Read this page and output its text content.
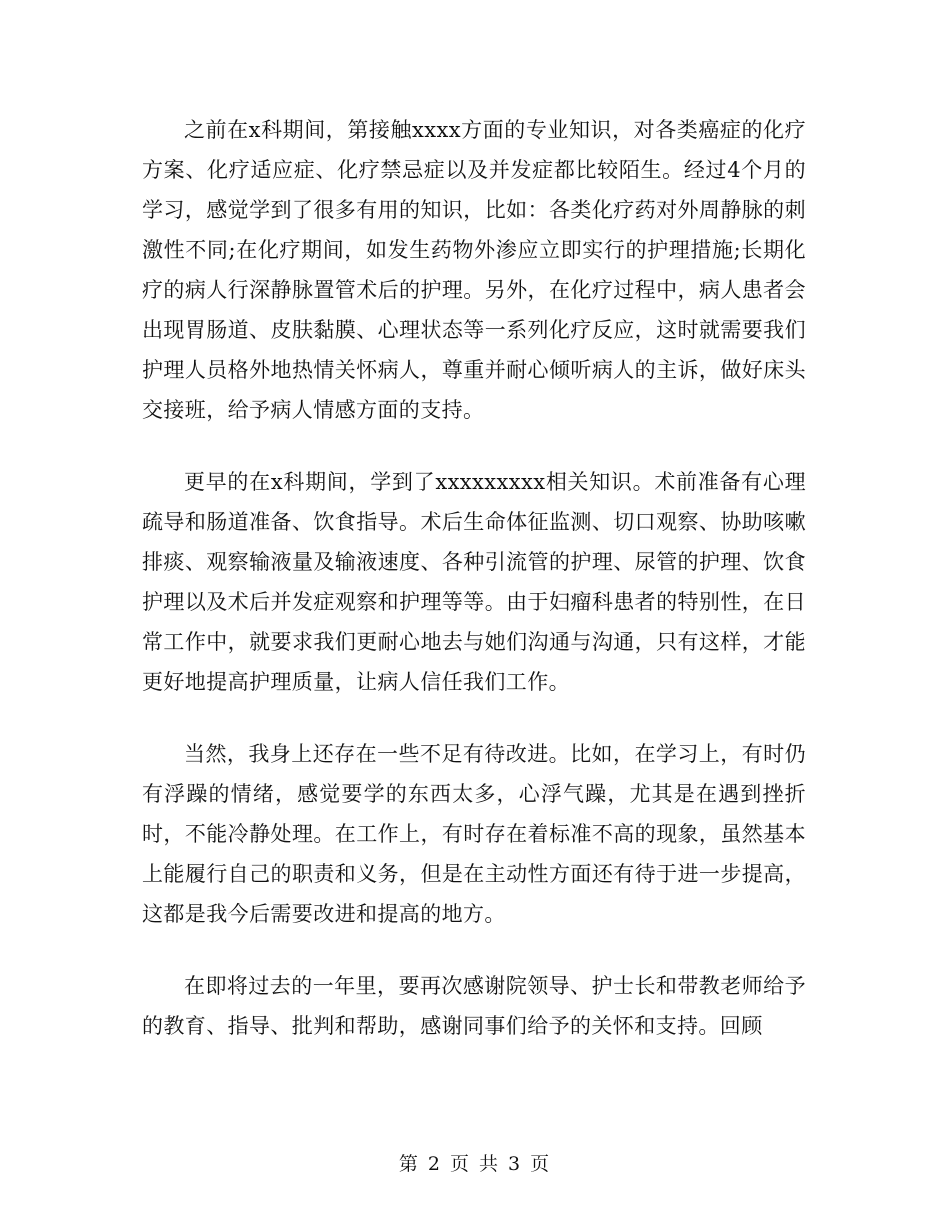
之前在x科期间，第接触xxxx方面的专业知识，对各类癌症的化疗方案、化疗适应症、化疗禁忌症以及并发症都比较陌生。经过4个月的学习，感觉学到了很多有用的知识，比如：各类化疗药对外周静脉的刺激性不同;在化疗期间，如发生药物外渗应立即实行的护理措施;长期化疗的病人行深静脉置管术后的护理。另外，在化疗过程中，病人患者会出现胃肠道、皮肤黏膜、心理状态等一系列化疗反应，这时就需要我们护理人员格外地热情关怀病人，尊重并耐心倾听病人的主诉，做好床头交接班，给予病人情感方面的支持。

更早的在x科期间，学到了xxxxxxxxx相关知识。术前准备有心理疏导和肠道准备、饮食指导。术后生命体征监测、切口观察、协助咳嗽排痰、观察输液量及输液速度、各种引流管的护理、尿管的护理、饮食护理以及术后并发症观察和护理等等。由于妇瘤科患者的特别性，在日常工作中，就要求我们更耐心地去与她们沟通与沟通，只有这样，才能更好地提高护理质量，让病人信任我们工作。

当然，我身上还存在一些不足有待改进。比如，在学习上，有时仍有浮躁的情绪，感觉要学的东西太多，心浮气躁，尤其是在遇到挫折时，不能冷静处理。在工作上，有时存在着标准不高的现象，虽然基本上能履行自己的职责和义务，但是在主动性方面还有待于进一步提高，这都是我今后需要改进和提高的地方。

在即将过去的一年里，要再次感谢院领导、护士长和带教老师给予的教育、指导、批判和帮助，感谢同事们给予的关怀和支持。回顾

第 2 页 共 3 页
